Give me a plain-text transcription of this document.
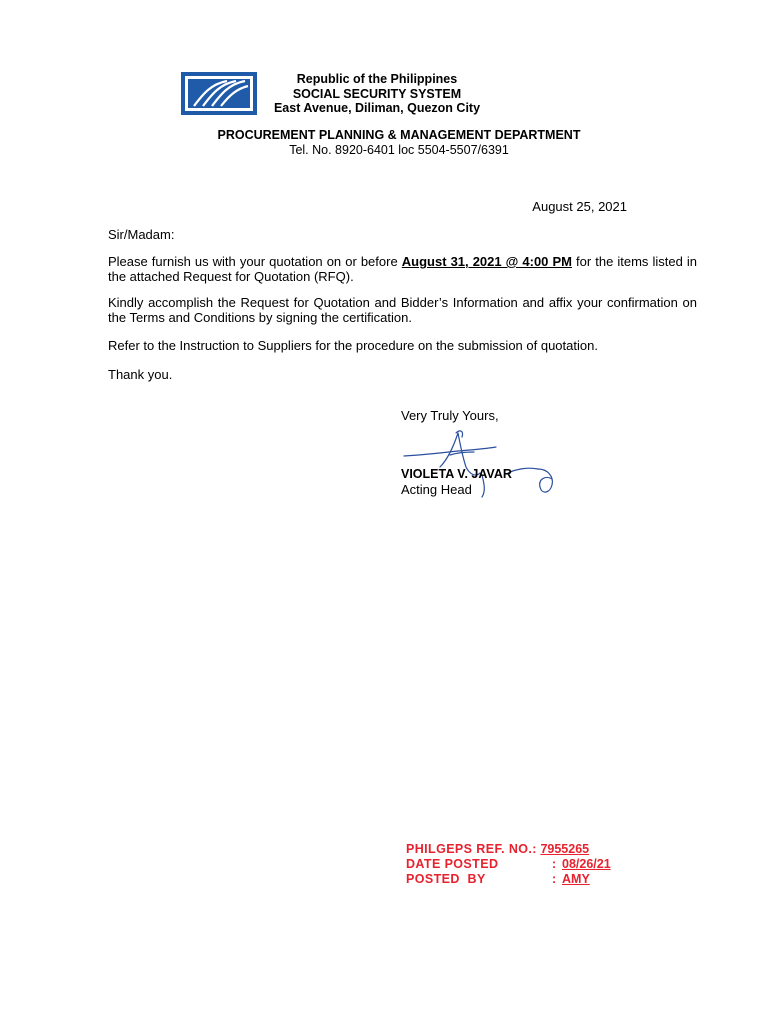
Republic of the Philippines
SOCIAL SECURITY SYSTEM
East Avenue, Diliman, Quezon City
PROCUREMENT PLANNING & MANAGEMENT DEPARTMENT
Tel. No. 8920-6401 loc 5504-5507/6391
August 25, 2021
Sir/Madam:
Please furnish us with your quotation on or before August 31, 2021 @ 4:00 PM for the items listed in the attached Request for Quotation (RFQ).
Kindly accomplish the Request for Quotation and Bidder’s Information and affix your confirmation on the Terms and Conditions by signing the certification.
Refer to the Instruction to Suppliers for the procedure on the submission of quotation.
Thank you.
Very Truly Yours,
VIOLETA V. JAVAR
Acting Head
PHILGEPS REF. NO. : 7955265
DATE POSTED	: 08/26/21
POSTED  BY	: AMY
